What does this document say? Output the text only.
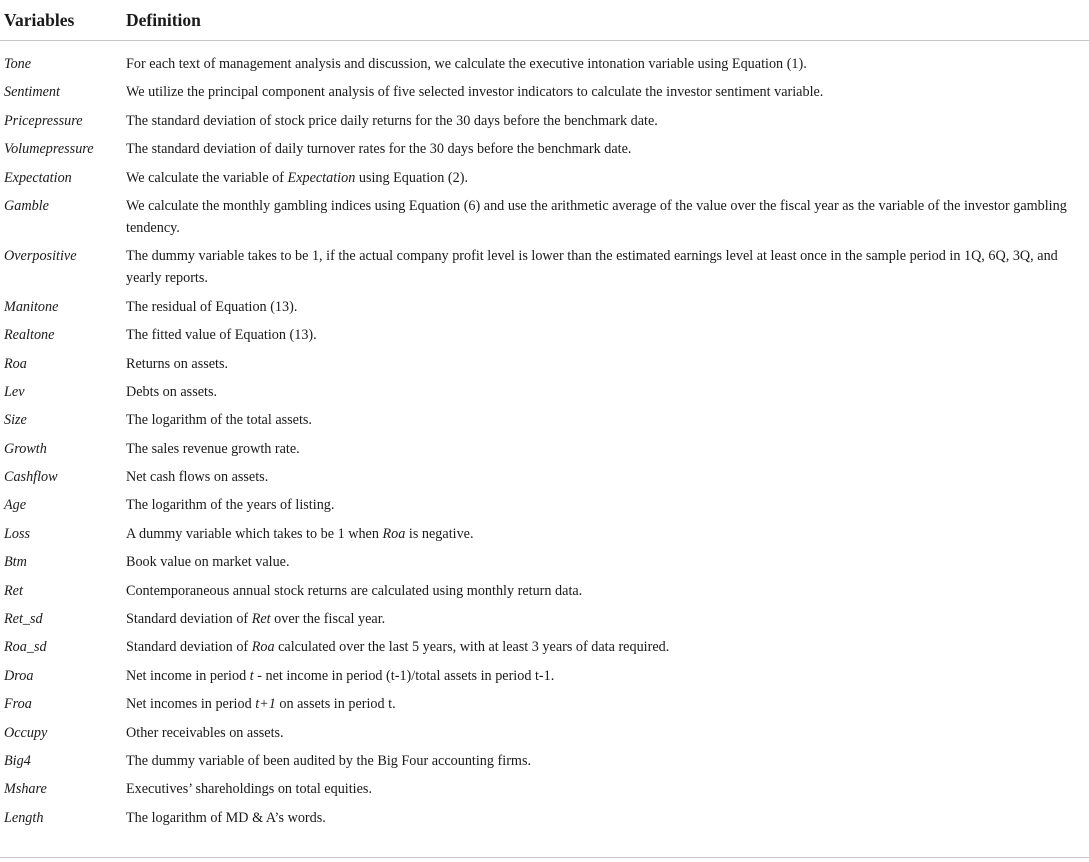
Variables	Definition
Tone	For each text of management analysis and discussion, we calculate the executive intonation variable using Equation (1).
Sentiment	We utilize the principal component analysis of five selected investor indicators to calculate the investor sentiment variable.
Pricepressure	The standard deviation of stock price daily returns for the 30 days before the benchmark date.
Volumepressure	The standard deviation of daily turnover rates for the 30 days before the benchmark date.
Expectation	We calculate the variable of Expectation using Equation (2).
Gamble	We calculate the monthly gambling indices using Equation (6) and use the arithmetic average of the value over the fiscal year as the variable of the investor gambling tendency.
Overpositive	The dummy variable takes to be 1, if the actual company profit level is lower than the estimated earnings level at least once in the sample period in 1Q, 6Q, 3Q, and yearly reports.
Manitone	The residual of Equation (13).
Realtone	The fitted value of Equation (13).
Roa	Returns on assets.
Lev	Debts on assets.
Size	The logarithm of the total assets.
Growth	The sales revenue growth rate.
Cashflow	Net cash flows on assets.
Age	The logarithm of the years of listing.
Loss	A dummy variable which takes to be 1 when Roa is negative.
Btm	Book value on market value.
Ret	Contemporaneous annual stock returns are calculated using monthly return data.
Ret_sd	Standard deviation of Ret over the fiscal year.
Roa_sd	Standard deviation of Roa calculated over the last 5 years, with at least 3 years of data required.
Droa	Net income in period t - net income in period (t-1)/total assets in period t-1.
Froa	Net incomes in period t+1 on assets in period t.
Occupy	Other receivables on assets.
Big4	The dummy variable of been audited by the Big Four accounting firms.
Mshare	Executives’ shareholdings on total equities.
Length	The logarithm of MD & A’s words.
